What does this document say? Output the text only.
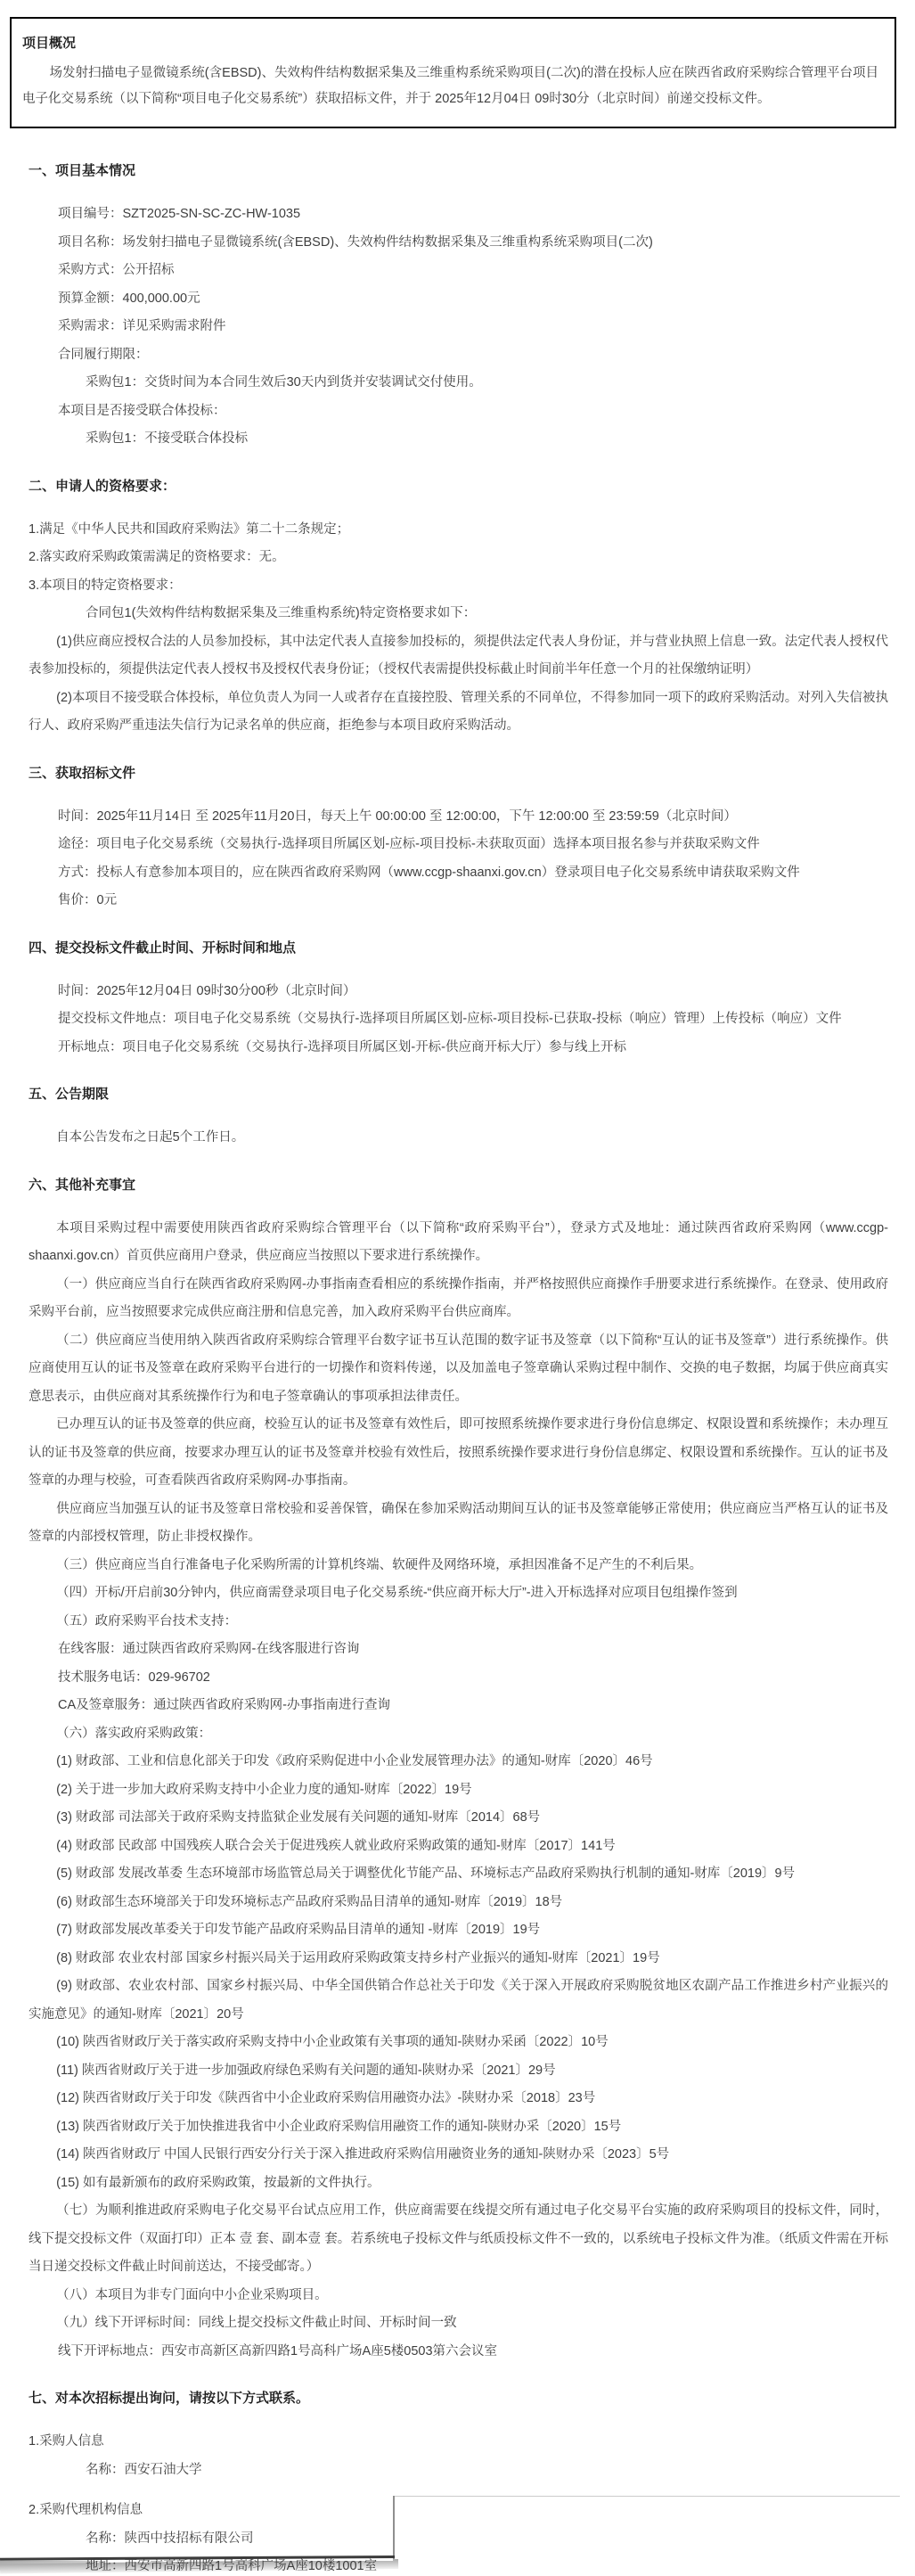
项目概况
场发射扫描电子显微镜系统(含EBSD)、失效构件结构数据采集及三维重构系统采购项目(二次)的潜在投标人应在陕西省政府采购综合管理平台项目电子化交易系统（以下简称“项目电子化交易系统”）获取招标文件，并于 2025年12月04日 09时30分（北京时间）前递交投标文件。
一、项目基本情况
项目编号：SZT2025-SN-SC-ZC-HW-1035
项目名称：场发射扫描电子显微镜系统(含EBSD)、失效构件结构数据采集及三维重构系统采购项目(二次)
采购方式：公开招标
预算金额：400,000.00元
采购需求：详见采购需求附件
合同履行期限：
采购包1：交货时间为本合同生效后30天内到货并安装调试交付使用。
本项目是否接受联合体投标：
采购包1：不接受联合体投标
二、申请人的资格要求：
1.满足《中华人民共和国政府采购法》第二十二条规定；
2.落实政府采购政策需满足的资格要求：无。
3.本项目的特定资格要求：
合同包1(失效构件结构数据采集及三维重构系统)特定资格要求如下：
(1)供应商应授权合法的人员参加投标，其中法定代表人直接参加投标的，须提供法定代表人身份证，并与营业执照上信息一致。法定代表人授权代表参加投标的，须提供法定代表人授权书及授权代表身份证；（授权代表需提供投标截止时间前半年任意一个月的社保缴纳证明）
(2)本项目不接受联合体投标，单位负责人为同一人或者存在直接控股、管理关系的不同单位，不得参加同一项下的政府采购活动。对列入失信被执行人、政府采购严重违法失信行为记录名单的供应商，拒绝参与本项目政府采购活动。
三、获取招标文件
时间：2025年11月14日 至 2025年11月20日，每天上午 00:00:00 至 12:00:00，下午 12:00:00 至 23:59:59（北京时间）
途径：项目电子化交易系统（交易执行-选择项目所属区划-应标-项目投标-未获取页面）选择本项目报名参与并获取采购文件
方式：投标人有意参加本项目的，应在陕西省政府采购网（www.ccgp-shaanxi.gov.cn）登录项目电子化交易系统申请获取采购文件
售价：0元
四、提交投标文件截止时间、开标时间和地点
时间：2025年12月04日 09时30分00秒（北京时间）
提交投标文件地点：项目电子化交易系统（交易执行-选择项目所属区划-应标-项目投标-已获取-投标（响应）管理）上传投标（响应）文件
开标地点：项目电子化交易系统（交易执行-选择项目所属区划-开标-供应商开标大厅）参与线上开标
五、公告期限
自本公告发布之日起5个工作日。
六、其他补充事宜
本项目采购过程中需要使用陕西省政府采购综合管理平台（以下简称“政府采购平台”），登录方式及地址：通过陕西省政府采购网（www.ccgp-shaanxi.gov.cn）首页供应商用户登录，供应商应当按照以下要求进行系统操作。
（一）供应商应当自行在陕西省政府采购网-办事指南查看相应的系统操作指南，并严格按照供应商操作手册要求进行系统操作。在登录、使用政府采购平台前，应当按照要求完成供应商注册和信息完善，加入政府采购平台供应商库。
（二）供应商应当使用纳入陕西省政府采购综合管理平台数字证书互认范围的数字证书及签章（以下简称“互认的证书及签章”）进行系统操作。供应商使用互认的证书及签章在政府采购平台进行的一切操作和资料传递，以及加盖电子签章确认采购过程中制作、交换的电子数据，均属于供应商真实意思表示，由供应商对其系统操作行为和电子签章确认的事项承担法律责任。
已办理互认的证书及签章的供应商，校验互认的证书及签章有效性后，即可按照系统操作要求进行身份信息绑定、权限设置和系统操作；未办理互认的证书及签章的供应商，按要求办理互认的证书及签章并校验有效性后，按照系统操作要求进行身份信息绑定、权限设置和系统操作。互认的证书及签章的办理与校验，可查看陕西省政府采购网-办事指南。
供应商应当加强互认的证书及签章日常校验和妥善保管，确保在参加采购活动期间互认的证书及签章能够正常使用；供应商应当严格互认的证书及签章的内部授权管理，防止非授权操作。
（三）供应商应当自行准备电子化采购所需的计算机终端、软硬件及网络环境，承担因准备不足产生的不利后果。
（四）开标/开启前30分钟内，供应商需登录项目电子化交易系统-“供应商开标大厅”-进入开标选择对应项目包组操作签到
（五）政府采购平台技术支持：
在线客服：通过陕西省政府采购网-在线客服进行咨询
技术服务电话：029-96702
CA及签章服务：通过陕西省政府采购网-办事指南进行查询
（六）落实政府采购政策：
(1) 财政部、工业和信息化部关于印发《政府采购促进中小企业发展管理办法》的通知-财库〔2020〕46号
(2) 关于进一步加大政府采购支持中小企业力度的通知-财库〔2022〕19号
(3) 财政部 司法部关于政府采购支持监狱企业发展有关问题的通知-财库〔2014〕68号
(4) 财政部 民政部 中国残疾人联合会关于促进残疾人就业政府采购政策的通知-财库〔2017〕141号
(5) 财政部 发展改革委 生态环境部市场监管总局关于调整优化节能产品、环境标志产品政府采购执行机制的通知-财库〔2019〕9号
(6) 财政部生态环境部关于印发环境标志产品政府采购品目清单的通知-财库〔2019〕18号
(7) 财政部发展改革委关于印发节能产品政府采购品目清单的通知 -财库〔2019〕19号
(8) 财政部 农业农村部 国家乡村振兴局关于运用政府采购政策支持乡村产业振兴的通知-财库〔2021〕19号
(9) 财政部、农业农村部、国家乡村振兴局、中华全国供销合作总社关于印发《关于深入开展政府采购脱贫地区农副产品工作推进乡村产业振兴的实施意见》的通知-财库〔2021〕20号
(10) 陕西省财政厅关于落实政府采购支持中小企业政策有关事项的通知-陕财办采函〔2022〕10号
(11) 陕西省财政厅关于进一步加强政府绿色采购有关问题的通知-陕财办采〔2021〕29号
(12) 陕西省财政厅关于印发《陕西省中小企业政府采购信用融资办法》-陕财办采〔2018〕23号
(13) 陕西省财政厅关于加快推进我省中小企业政府采购信用融资工作的通知-陕财办采〔2020〕15号
(14) 陕西省财政厅 中国人民银行西安分行关于深入推进政府采购信用融资业务的通知-陕财办采〔2023〕5号
(15) 如有最新颁布的政府采购政策，按最新的文件执行。
（七）为顺利推进政府采购电子化交易平台试点应用工作，供应商需要在线提交所有通过电子化交易平台实施的政府采购项目的投标文件，同时，线下提交投标文件（双面打印）正本 壹 套、副本壹 套。若系统电子投标文件与纸质投标文件不一致的，以系统电子投标文件为准。（纸质文件需在开标当日递交投标文件截止时间前送达，不接受邮寄。）
（八）本项目为非专门面向中小企业采购项目。
（九）线下开评标时间：同线上提交投标文件截止时间、开标时间一致
线下开评标地点：西安市高新区高新四路1号高科广场A座5楼0503第六会议室
七、对本次招标提出询问，请按以下方式联系。
1.采购人信息
名称：西安石油大学
2.采购代理机构信息
名称：陕西中技招标有限公司
地址：西安市高新四路1号高科广场A座10楼1001室
